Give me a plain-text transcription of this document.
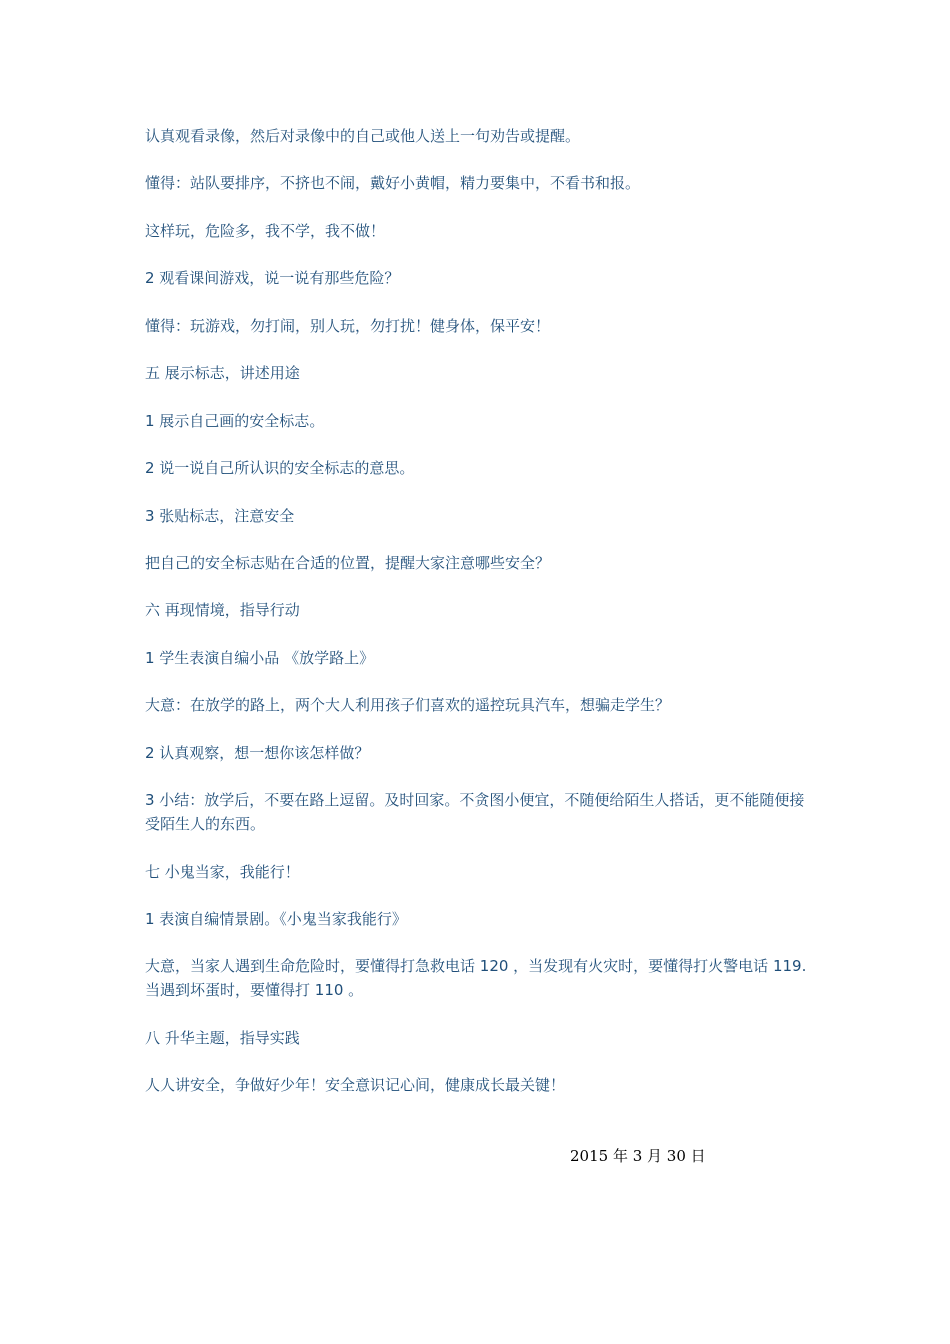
认真观看录像，然后对录像中的自己或他人送上一句劝告或提醒。
懂得：站队要排序，不挤也不闹，戴好小黄帽，精力要集中，不看书和报。
这样玩，危险多，我不学，我不做！
2 观看课间游戏，说一说有那些危险？
懂得：玩游戏，勿打闹，别人玩，勿打扰！健身体，保平安！
五 展示标志，讲述用途
1 展示自己画的安全标志。
2 说一说自己所认识的安全标志的意思。
3 张贴标志，注意安全
把自己的安全标志贴在合适的位置，提醒大家注意哪些安全？
六 再现情境，指导行动
1 学生表演自编小品 《放学路上》
大意：在放学的路上，两个大人利用孩子们喜欢的遥控玩具汽车，想骗走学生？
2 认真观察，想一想你该怎样做？
3 小结：放学后，不要在路上逗留。及时回家。不贪图小便宜，不随便给陌生人搭话，更不能随便接受陌生人的东西。
七 小鬼当家，我能行！
1 表演自编情景剧。《小鬼当家我能行》
大意，当家人遇到生命危险时，要懂得打急救电话 120 ，当发现有火灾时，要懂得打火警电话 119.当遇到坏蛋时，要懂得打 110 。
八 升华主题，指导实践
人人讲安全，争做好少年！安全意识记心间，健康成长最关键！
2015 年 3 月 30 日
